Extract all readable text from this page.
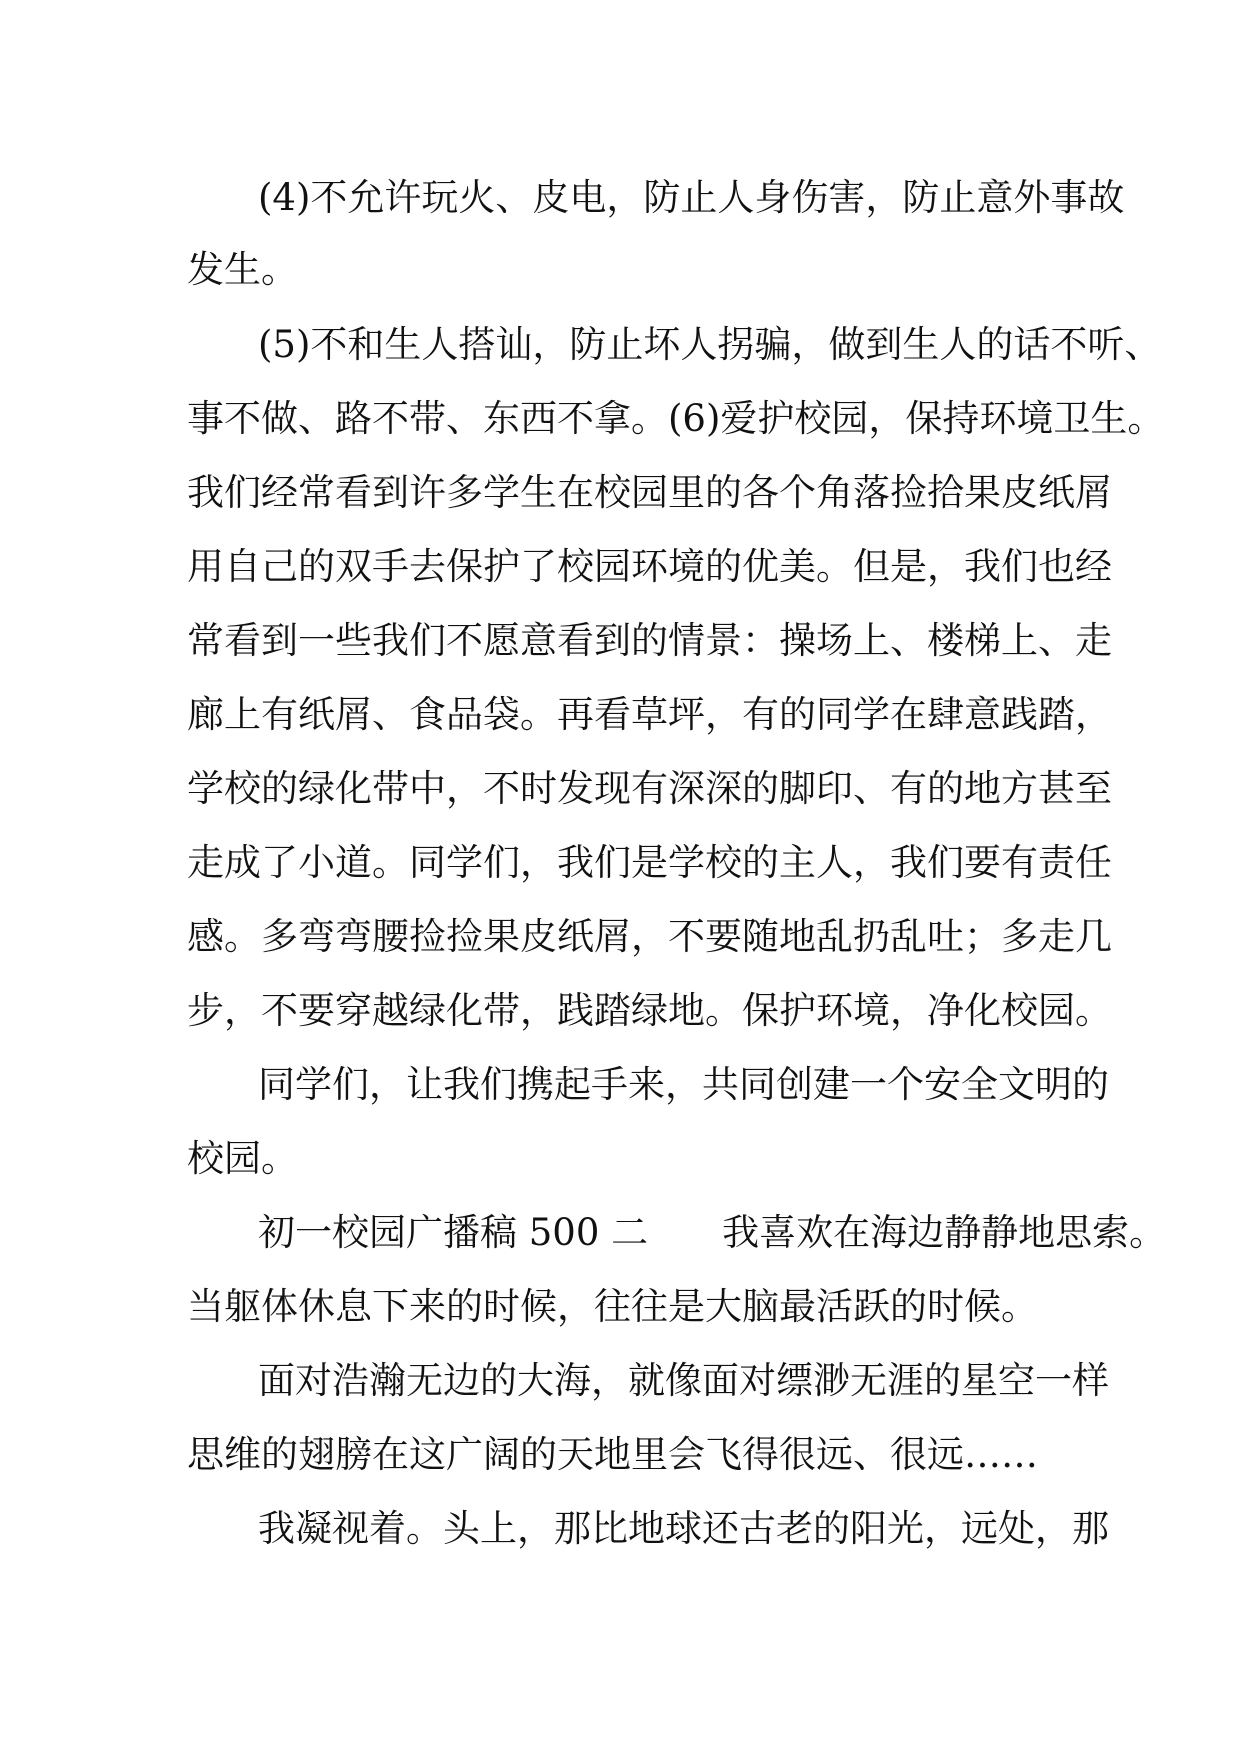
(4)不允许玩火、皮电，防止人身伤害，防止意外事故
发生。
(5)不和生人搭讪，防止坏人拐骗，做到生人的话不听、
事不做、路不带、东西不拿。(6)爱护校园，保持环境卫生。
我们经常看到许多学生在校园里的各个角落捡拾果皮纸屑
用自己的双手去保护了校园环境的优美。但是，我们也经
常看到一些我们不愿意看到的情景：操场上、楼梯上、走
廊上有纸屑、食品袋。再看草坪，有的同学在肆意践踏，
学校的绿化带中，不时发现有深深的脚印、有的地方甚至
走成了小道。同学们，我们是学校的主人，我们要有责任
感。多弯弯腰捡捡果皮纸屑，不要随地乱扔乱吐；多走几
步，不要穿越绿化带，践踏绿地。保护环境，净化校园。
同学们，让我们携起手来，共同创建一个安全文明的
校园。
初一校园广播稿 500 二　　我喜欢在海边静静地思索。
当躯体休息下来的时候，往往是大脑最活跃的时候。
面对浩瀚无边的大海，就像面对缥渺无涯的星空一样
思维的翅膀在这广阔的天地里会飞得很远、很远……
我凝视着。头上，那比地球还古老的阳光，远处，那
